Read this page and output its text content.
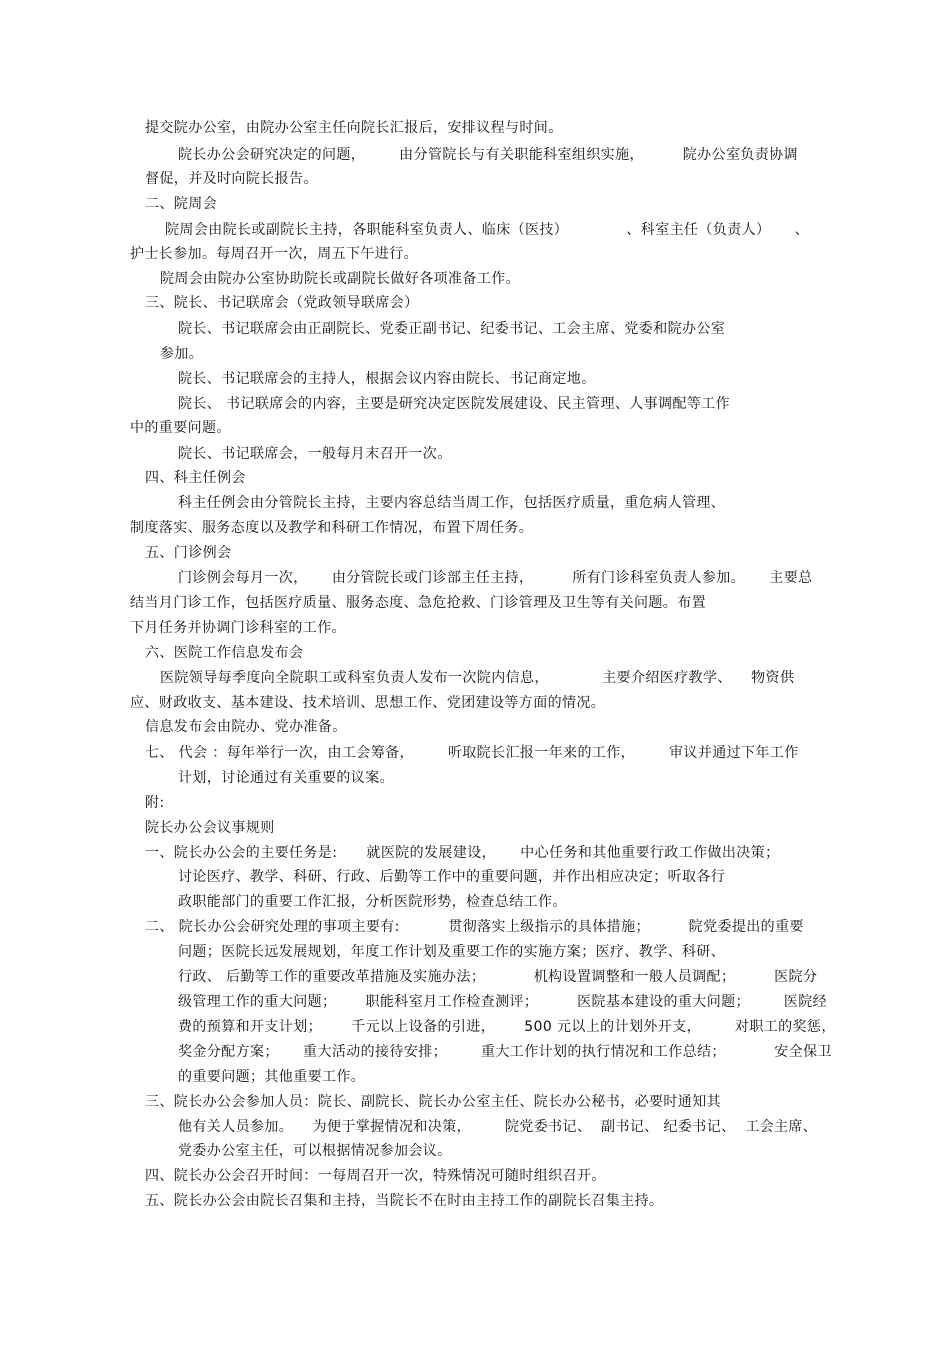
提交院办公室，由院办公室主任向院长汇报后，安排议程与时间。

院长办公会研究决定的问题，       由分管院长与有关职能科室组织实施，        院办公室负责协调

督促，并及时向院长报告。

二、院周会

院周会由院长或副院长主持，各职能科室负责人、临床（医技）            、科室主任（负责人）     、

护士长参加。每周召开一次，周五下午进行。

院周会由院办公室协助院长或副院长做好各项准备工作。

三、院长、书记联席会（党政领导联席会）

院长、书记联席会由正副院长、党委正副书记、纪委书记、工会主席、党委和院办公室

参加。

院长、书记联席会的主持人，根据会议内容由院长、书记商定地。

院长、 书记联席会的内容，主要是研究决定医院发展建设、民主管理、人事调配等工作

中的重要问题。

院长、书记联席会，一般每月末召开一次。

四、科主任例会

科主任例会由分管院长主持，主要内容总结当周工作，包括医疗质量，重危病人管理、

制度落实、服务态度以及教学和科研工作情况，布置下周任务。

五、门诊例会

门诊例会每月一次，     由分管院长或门诊部主任主持，        所有门诊科室负责人参加。     主要总

结当月门诊工作，包括医疗质量、服务态度、急危抢救、门诊管理及卫生等有关问题。布置

下月任务并协调门诊科室的工作。

六、医院工作信息发布会

医院领导每季度向全院职工或科室负责人发布一次院内信息，           主要介绍医疗教学、    物资供

应、财政收支、基本建设、技术培训、思想工作、党团建设等方面的情况。

信息发布会由院办、党办准备。

七、 代会 ：每年举行一次，由工会筹备，       听取院长汇报一年来的工作，       审议并通过下年工作

计划，讨论通过有关重要的议案。

附:

院长办公会议事规则

一、院长办公会的主要任务是:      就医院的发展建设，     中心任务和其他重要行政工作做出决策；

讨论医疗、教学、科研、行政、后勤等工作中的重要问题，并作出相应决定；听取各行

政职能部门的重要工作汇报，分析医院形势，检查总结工作。

二、 院长办公会研究处理的事项主要有:          贯彻落实上级指示的具体措施；        院党委提出的重要

问题；医院长远发展规划，年度工作计划及重要工作的实施方案；医疗、教学、科研、

行政、 后勤等工作的重要改革措施及实施办法；          机构设置调整和一般人员调配；        医院分

级管理工作的重大问题；      职能科室月工作检查测评；        医院基本建设的重大问题；       医院经

费的预算和开支计划；      千元以上设备的引进，      500 元以上的计划外开支，       对职工的奖惩，

奖金分配方案；     重大活动的接待安排；       重大工作计划的执行情况和工作总结；          安全保卫

的重要问题；其他重要工作。

三、院长办公会参加人员：院长、副院长、院长办公室主任、院长办公秘书，必要时通知其

他有关人员参加。    为便于掌握情况和决策，       院党委书记、  副书记、 纪委书记、  工会主席、

党委办公室主任，可以根据情况参加会议。

四、院长办公会召开时间：一每周召开一次，特殊情况可随时组织召开。

五、院长办公会由院长召集和主持，当院长不在时由主持工作的副院长召集主持。
